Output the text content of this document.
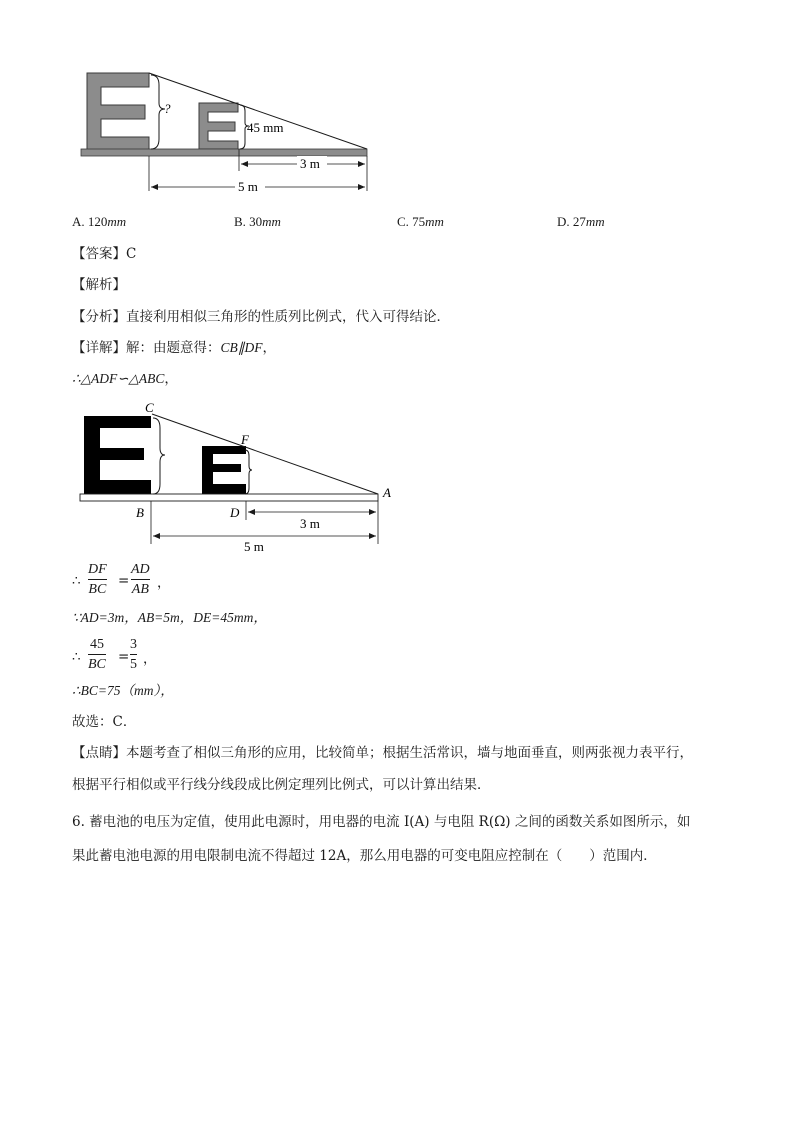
?
45 mm
3 m
5 m
A. 120mm	B. 30mm	C. 75mm	D. 27mm
【答案】C
【解析】
【分析】直接利用相似三角形的性质列比例式，代入可得结论．
【详解】解：由题意得：CB∥DF，
∴△ADF∽△ABC，
C
F
A
B	D
3 m
5 m
∴
DF
BC
=
AD
AB ，
∵AD=3m，AB=5m，DE=45mm，
∴
45
BC =
3
5 ，
∴BC=75（mm），
故选：C．
【点睛】本题考查了相似三角形的应用，比较简单；根据生活常识，墙与地面垂直，则两张视力表平行，
根据平行相似或平行线分线段成比例定理列比例式，可以计算出结果．
6. 蓄电池的电压为定值，使用此电源时，用电器的电流 I(A) 与电阻 R(Ω) 之间的函数关系如图所示，如
果此蓄电池电源的用电限制电流不得超过 12A，那么用电器的可变电阻应控制在（　　）范围内．
